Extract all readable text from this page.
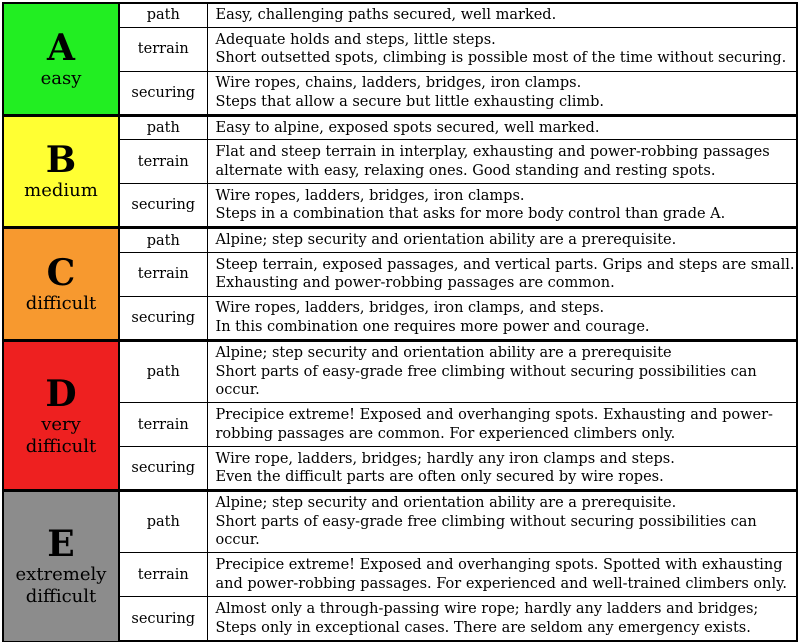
A
easy	path	Easy, challenging paths secured, well marked.

	terrain	Adequate holds and steps, little steps.
Short outsetted spots, climbing is possible most of the time without securing.

	securing	Wire ropes, chains, ladders, bridges, iron clamps.
Steps that allow a secure but little exhausting climb.

B
medium	path	Easy to alpine, exposed spots secured, well marked.

	terrain	Flat and steep terrain in interplay, exhausting and power-robbing passages
alternate with easy, relaxing ones. Good standing and resting spots.

	securing	Wire ropes, ladders, bridges, iron clamps.
Steps in a combination that asks for more body control than grade A.

C
difficult	path	Alpine; step security and orientation ability are a prerequisite.

	terrain	Steep terrain, exposed passages, and vertical parts. Grips and steps are small.
Exhausting and power-robbing passages are common.

	securing	Wire ropes, ladders, bridges, iron clamps, and steps.
In this combination one requires more power and courage.

D
very
difficult	path	Alpine; step security and orientation ability are a prerequisite
Short parts of easy-grade free climbing without securing possibilities can
occur.

	terrain	Precipice extreme! Exposed and overhanging spots. Exhausting and power-
robbing passages are common. For experienced climbers only.

	securing	Wire rope, ladders, bridges; hardly any iron clamps and steps.
Even the difficult parts are often only secured by wire ropes.

E
extremely
difficult	path	Alpine; step security and orientation ability are a prerequisite.
Short parts of easy-grade free climbing without securing possibilities can
occur.

	terrain	Precipice extreme! Exposed and overhanging spots. Spotted with exhausting
and power-robbing passages. For experienced and well-trained climbers only.

	securing	Almost only a through-passing wire rope; hardly any ladders and bridges;
Steps only in exceptional cases. There are seldom any emergency exists.
